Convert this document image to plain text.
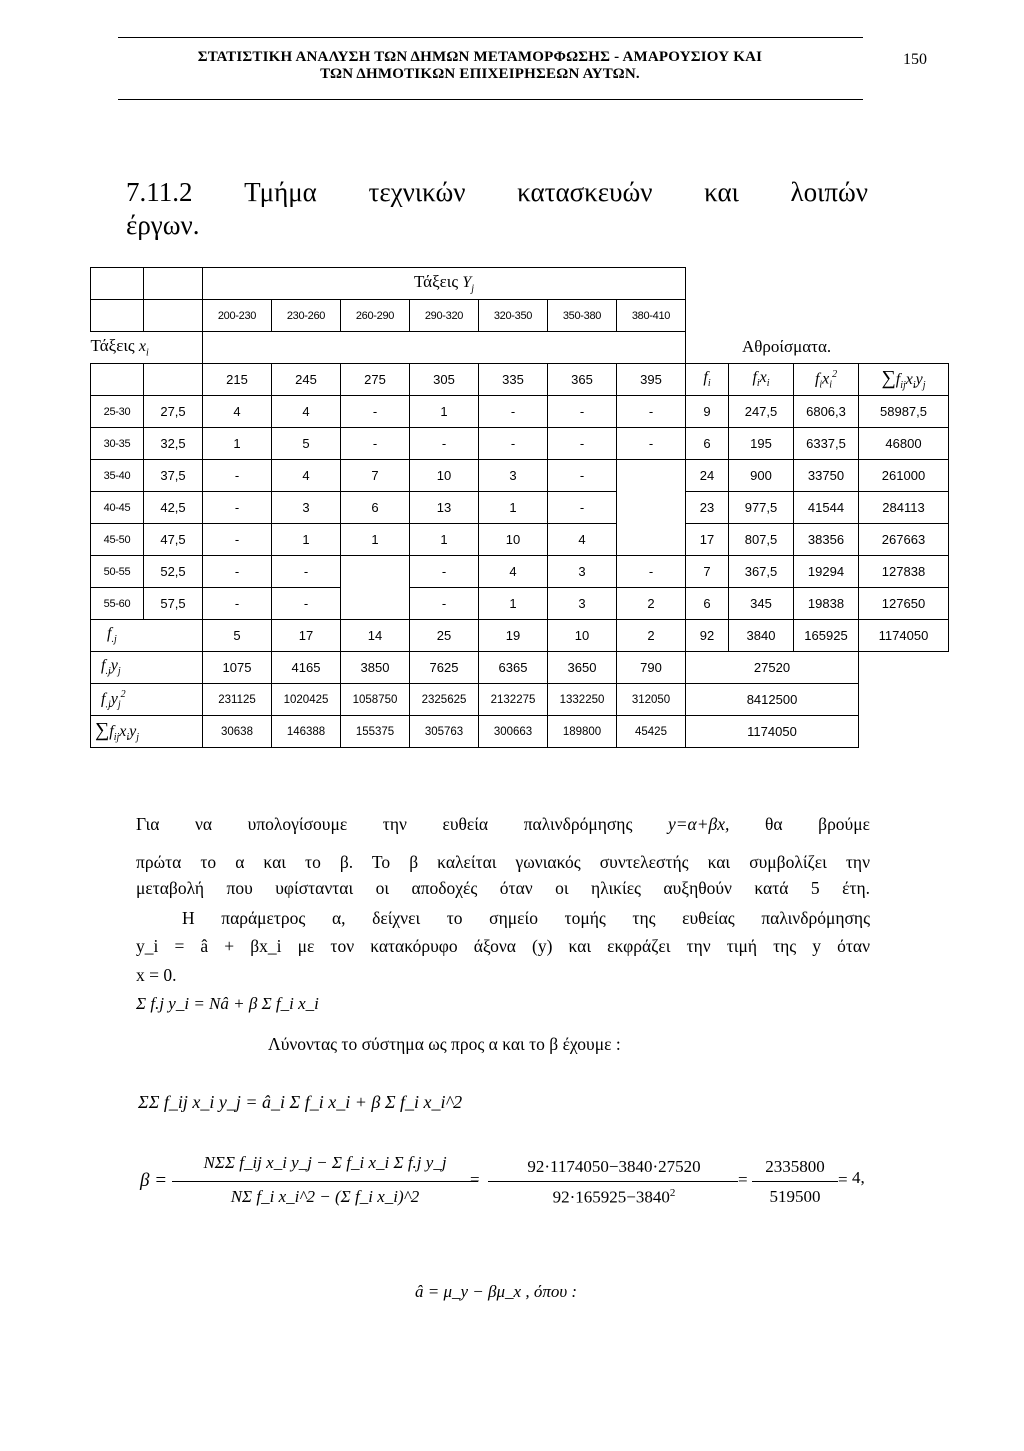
ΣΤΑΤΙΣΤΙΚΗ ΑΝΑΛΥΣΗ ΤΩΝ ΔΗΜΩΝ ΜΕΤΑΜΟΡΦΩΣΗΣ - ΑΜΑΡΟΥΣΙΟΥ ΚΑΙ
ΤΩΝ ΔΗΜΟΤΙΚΩΝ ΕΠΙΧΕΙΡΗΣΕΩΝ ΑΥΤΩΝ.
150
7.11.2 Τμήμα τεχνικών κατασκευών και λοιπών
έργων.
		Τάξεις $Y_j$	
		200-230	230-260	260-290	290-320	320-350	350-380	380-410				
Τάξεις $x_i$									Αθροίσματα.			
		215	245	275	305	335	365	395	$f_i$	$f_ix_i$	$f_ix_i^2$	$\sum f_{ij}x_iy_j$
25-30	27,5	4	4	-	1	-	-	-	9	247,5	6806,3	58987,5
30-35	32,5	1	5	-	-	-	-	-	6	195	6337,5	46800
35-40	37,5	-	4	7	10	3	-		24	900	33750	261000
40-45	42,5	-	3	6	13	1	-		23	977,5	41544	284113
45-50	47,5	-	1	1	1	10	4		17	807,5	38356	267663
50-55	52,5	-	-		-	4	3	-	7	367,5	19294	127838
55-60	57,5	-	-		-	1	3	2	6	345	19838	127650
$f_{.j}$		5	17	14	25	19	10	2	92	3840	165925	1174050
$f_{.j}y_j$		1075	4165	3850	7625	6365	3650	790	27520			
$f_{.j}y_j^2$		231125	1020425	1058750	2325625	2132275	1332250	312050	8412500			
$\sum f_{ij}x_iy_j$		30638	146388	155375	305763	300663	189800	45425	1174050			
Για να υπολογίσουμε την ευθεία παλινδρόμησης y=α+βx, θα βρούμε
πρώτα το α και το β. Το β καλείται γωνιακός συντελεστής και συμβολίζει την
μεταβολή που υφίστανται οι αποδοχές όταν οι ηλικίες αυξηθούν κατά 5 έτη.
Η παράμετρος α, δείχνει το σημείο τομής της ευθείας παλινδρόμησης
y_i = â + βx_i με τον κατακόρυφο άξονα (y) και εκφράζει την τιμή της y όταν
x = 0.
Σ f.j y_i = Nâ + β Σ f_i x_i
Λύνοντας το σύστημα ως προς α και το β έχουμε :
ΣΣ f_ij x_i y_j = â_i Σ f_i x_i + β Σ f_i x_i^2
β =
NΣΣ f_ij x_i y_j − Σ f_i x_i Σ f.j y_j
NΣ f_i x_i^2 − (Σ f_i x_i)^2
=
92·1174050−3840·27520
$92\cdot 165925-3840^2$
=
2335800
519500
= 4,
â = μ_y − βμ_x , όπου :
